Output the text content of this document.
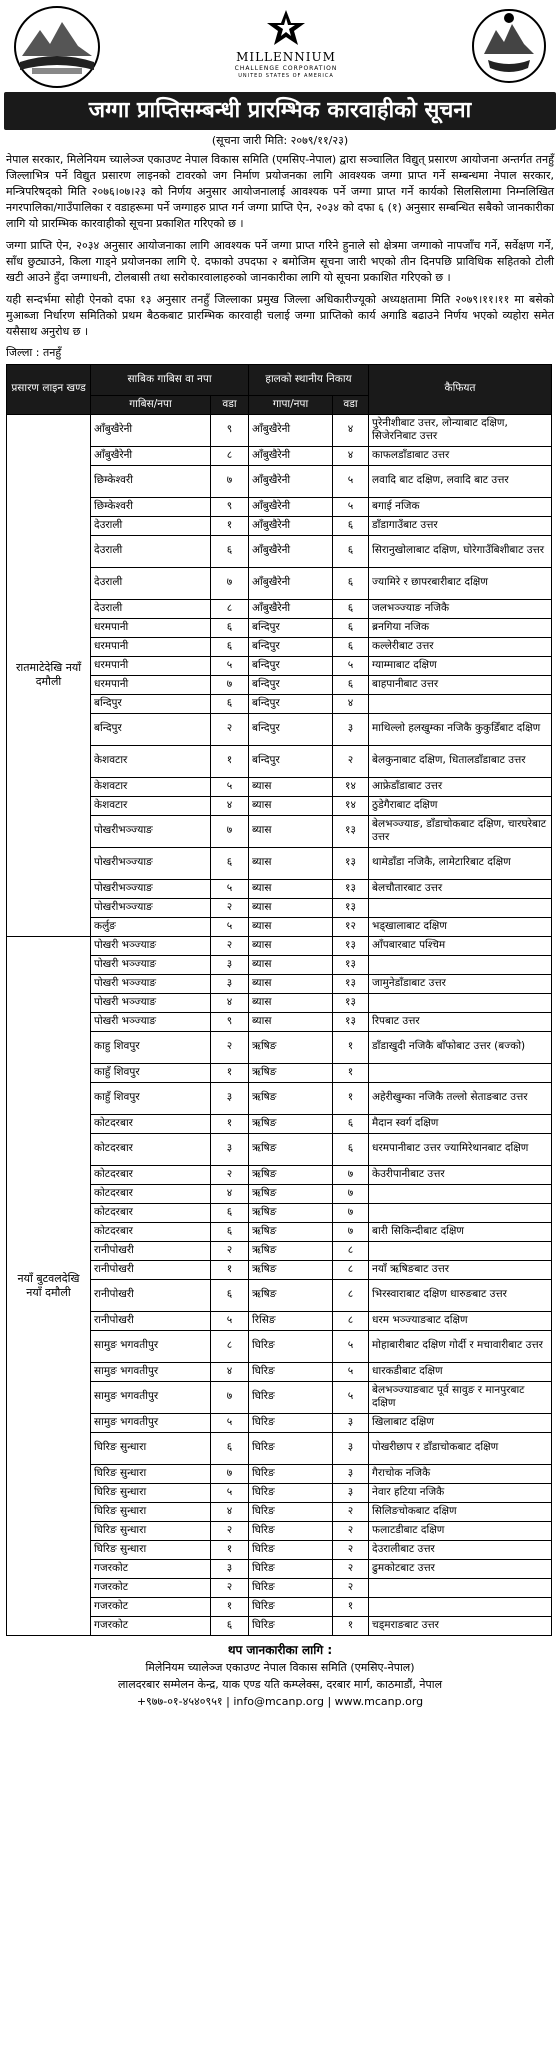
MILLENNIUM
CHALLENGE CORPORATION
UNITED STATES OF AMERICA
जग्गा प्राप्तिसम्बन्धी प्रारम्भिक कारवाहीको सूचना
(सूचना जारी मिति: २०७९/११/२३)

नेपाल सरकार, मिलेनियम च्यालेञ्ज एकाउण्ट नेपाल विकास समिति (एमसिए-नेपाल) द्वारा सञ्चालित विद्युत् प्रसारण आयोजना अन्तर्गत तनहुँ जिल्लाभित्र पर्ने विद्युत प्रसारण लाइनको टावरको जग निर्माण प्रयोजनका लागि आवश्यक जग्गा प्राप्त गर्ने सम्बन्धमा नेपाल सरकार, मन्त्रिपरिषद्को मिति २०७६।०७।२३ को निर्णय अनुसार आयोजनालाई आवश्यक पर्ने जग्गा प्राप्त गर्ने कार्यको सिलसिलामा निम्नलिखित नगरपालिका/गाउँपालिका र वडाहरूमा पर्ने जग्गाहरु प्राप्त गर्न जग्गा प्राप्ति ऐन, २०३४ को दफा ६ (१) अनुसार सम्बन्धित सबैको जानकारीका लागि यो प्रारम्भिक कारवाहीको सूचना प्रकाशित गरिएको छ ।

जग्गा प्राप्ति ऐन, २०३४ अनुसार आयोजनाका लागि आवश्यक पर्ने जग्गा प्राप्त गरिने हुनाले सो क्षेत्रमा जग्गाको नापजाँच गर्ने, सर्वेक्षण गर्ने, साँध छुट्याउने, किला गाड्ने प्रयोजनका लागि ऐ. दफाको उपदफा २ बमोजिम सूचना जारी भएको तीन दिनपछि प्राविधिक सहितको टोली खटी आउने हुँदा जग्गाधनी, टोलबासी तथा सरोकारवालाहरुको जानकारीका लागि यो सूचना प्रकाशित गरिएको छ ।

यही सन्दर्भमा सोही ऐनको दफा १३ अनुसार तनहुँ जिल्लाका प्रमुख जिल्ला अधिकारीज्यूको अध्यक्षतामा मिति २०७९।११।११ मा बसेको मुआब्जा निर्धारण समितिको प्रथम बैठकबाट प्रारम्भिक कारवाही चलाई जग्गा प्राप्तिको कार्य अगाडि बढाउने निर्णय भएको व्यहोरा समेत यसैसाथ अनुरोध छ ।

जिल्ला : तनहुँ
प्रसारण लाइन खण्ड	साबिक गाबिस वा नपा		हालको स्थानीय निकाय		कैफियत
	गाबिस/नपा	वडा	गापा/नपा	वडा	
रातमाटेदेखि नयाँ दमौली	आँबुखैरेनी	९	आँबुखैरेनी	४	पुरेनीशीबाट उत्तर, लोन्याबाट दक्षिण, सिजेरनिबाट उत्तर
	आँबुखैरेनी	८	आँबुखैरेनी	४	काफलडाँडाबाट उत्तर
	छिम्केश्वरी	७	आँबुखैरेनी	५	लवादि बाट दक्षिण, लवादि बाट उत्तर
	छिम्केश्वरी	९	आँबुखैरेनी	५	बगाई नजिक
	देउराली	१	आँबुखैरेनी	६	डाँडागाउँबाट उत्तर
	देउराली	६	आँबुखैरेनी	६	सिरानुखोलाबाट दक्षिण, घोरेगाउँबिशीबाट उत्तर
	देउराली	७	आँबुखैरेनी	६	ज्यामिरे र छापरबारीबाट दक्षिण
	देउराली	८	आँबुखैरेनी	६	जलभञ्ज्याङ नजिकै
	धरमपानी	६	बन्दिपुर	६	ब्रनगिया नजिक
	धरमपानी	६	बन्दिपुर	६	कल्लेरीबाट उत्तर
	धरमपानी	५	बन्दिपुर	५	ग्याम्माबाट दक्षिण
	धरमपानी	७	बन्दिपुर	६	बाहपानीबाट उत्तर
	बन्दिपुर	६	बन्दिपुर	४	
	बन्दिपुर	२	बन्दिपुर	३	माथिल्लो हलखुम्का नजिकै कुकुडिँबाट दक्षिण
	केशवटार	१	बन्दिपुर	२	बेलकुनाबाट दक्षिण, धितालडाँडाबाट उत्तर
	केशवटार	५	ब्यास	१४	आफ्रेडाँडाबाट उत्तर
	केशवटार	४	ब्यास	१४	ठुडेगैराबाट दक्षिण
	पोखरीभञ्ज्याङ	७	ब्यास	१३	बेलभञ्ज्याङ, डाँडाचोकबाट दक्षिण, चारघरेबाट उत्तर
	पोखरीभञ्ज्याङ	६	ब्यास	१३	थामेडाँडा नजिकै, लामेटारिबाट दक्षिण
	पोखरीभञ्ज्याङ	५	ब्यास	१३	बेलचौतारबाट उत्तर
	पोखरीभञ्ज्याङ	२	ब्यास	१३	
	कर्लुङ	५	ब्यास	१२	भड्खालाबाट दक्षिण
नयाँ बुटवलदेखि नयाँ दमौली	पोखरी भञ्ज्याङ	२	ब्यास	१३	आँपबारबाट पश्चिम
	पोखरी भञ्ज्याङ	३	ब्यास	१३	
	पोखरी भञ्ज्याङ	३	ब्यास	१३	जामुनेडाँडाबाट उत्तर
	पोखरी भञ्ज्याङ	४	ब्यास	१३	
	पोखरी भञ्ज्याङ	९	ब्यास	१३	रिपबाट उत्तर
	काहु शिवपुर	२	ऋषिङ	१	डाँडाखुदी नजिकै बाँफोबाट उत्तर (बज्को)
	काहुँ शिवपुर	१	ऋषिङ	१	
	काहुँ शिवपुर	३	ऋषिङ	१	अहेरीखुम्का नजिकै तल्लो सेताङबाट उत्तर
	कोटदरबार	१	ऋषिङ	६	मैदान स्वर्ग दक्षिण
	कोटदरबार	३	ऋषिङ	६	धरमपानीबाट उत्तर ज्यामिरेथानबाट दक्षिण
	कोटदरबार	२	ऋषिङ	७	केउरीपानीबाट उत्तर
	कोटदरबार	४	ऋषिङ	७	
	कोटदरबार	६	ऋषिङ	७	
	कोटदरबार	६	ऋषिङ	७	बारी सिकिन्दीबाट दक्षिण
	रानीपोखरी	२	ऋषिङ	८	
	रानीपोखरी	१	ऋषिङ	८	नयाँ ऋषिङबाट उत्तर
	रानीपोखरी	६	ऋषिङ	८	भिरस्वाराबाट दक्षिण धारुङबाट उत्तर
	रानीपोखरी	५	रिसिङ	८	धरम भञ्ज्याङबाट दक्षिण
	सामुङ भगवतीपुर	८	घिरिङ	५	मोहाबारीबाट दक्षिण गोर्दी र मचावारीबाट उत्तर
	सामुङ भगवतीपुर	४	घिरिङ	५	धारकडीबाट दक्षिण
	सामुङ भगवतीपुर	७	घिरिङ	५	बेलभञ्ज्याङबाट पूर्व सावुङ र मानपुरबाट दक्षिण
	सामुङ भगवतीपुर	५	घिरिङ	३	खिलाबाट दक्षिण
	घिरिङ सुन्धारा	६	घिरिङ	३	पोखरीछाप र डाँडाचोकबाट दक्षिण
	घिरिङ सुन्धारा	७	घिरिङ	३	गैराचोक नजिकै
	घिरिङ सुन्धारा	५	घिरिङ	३	नेवार हटिया नजिकै
	घिरिङ सुन्धारा	४	घिरिङ	२	सिलिङचोकबाट दक्षिण
	घिरिङ सुन्धारा	२	घिरिङ	२	फलाटडीबाट दक्षिण
	घिरिङ सुन्धारा	१	घिरिङ	२	देउरालीबाट उत्तर
	गजरकोट	३	घिरिङ	२	ढुमकोटबाट उत्तर
	गजरकोट	२	घिरिङ	२	
	गजरकोट	१	घिरिङ	१	
	गजरकोट	६	घिरिङ	१	चड्मराङबाट उत्तर
थप जानकारीका लागि :
मिलेनियम च्यालेञ्ज एकाउण्ट नेपाल विकास समिति (एमसिए-नेपाल)
लालदरबार सम्मेलन केन्द्र, याक एण्ड यति कम्प्लेक्स, दरबार मार्ग, काठमाडौं, नेपाल
+९७७-०१-४५४०९५१ | info@mcanp.org | www.mcanp.org
